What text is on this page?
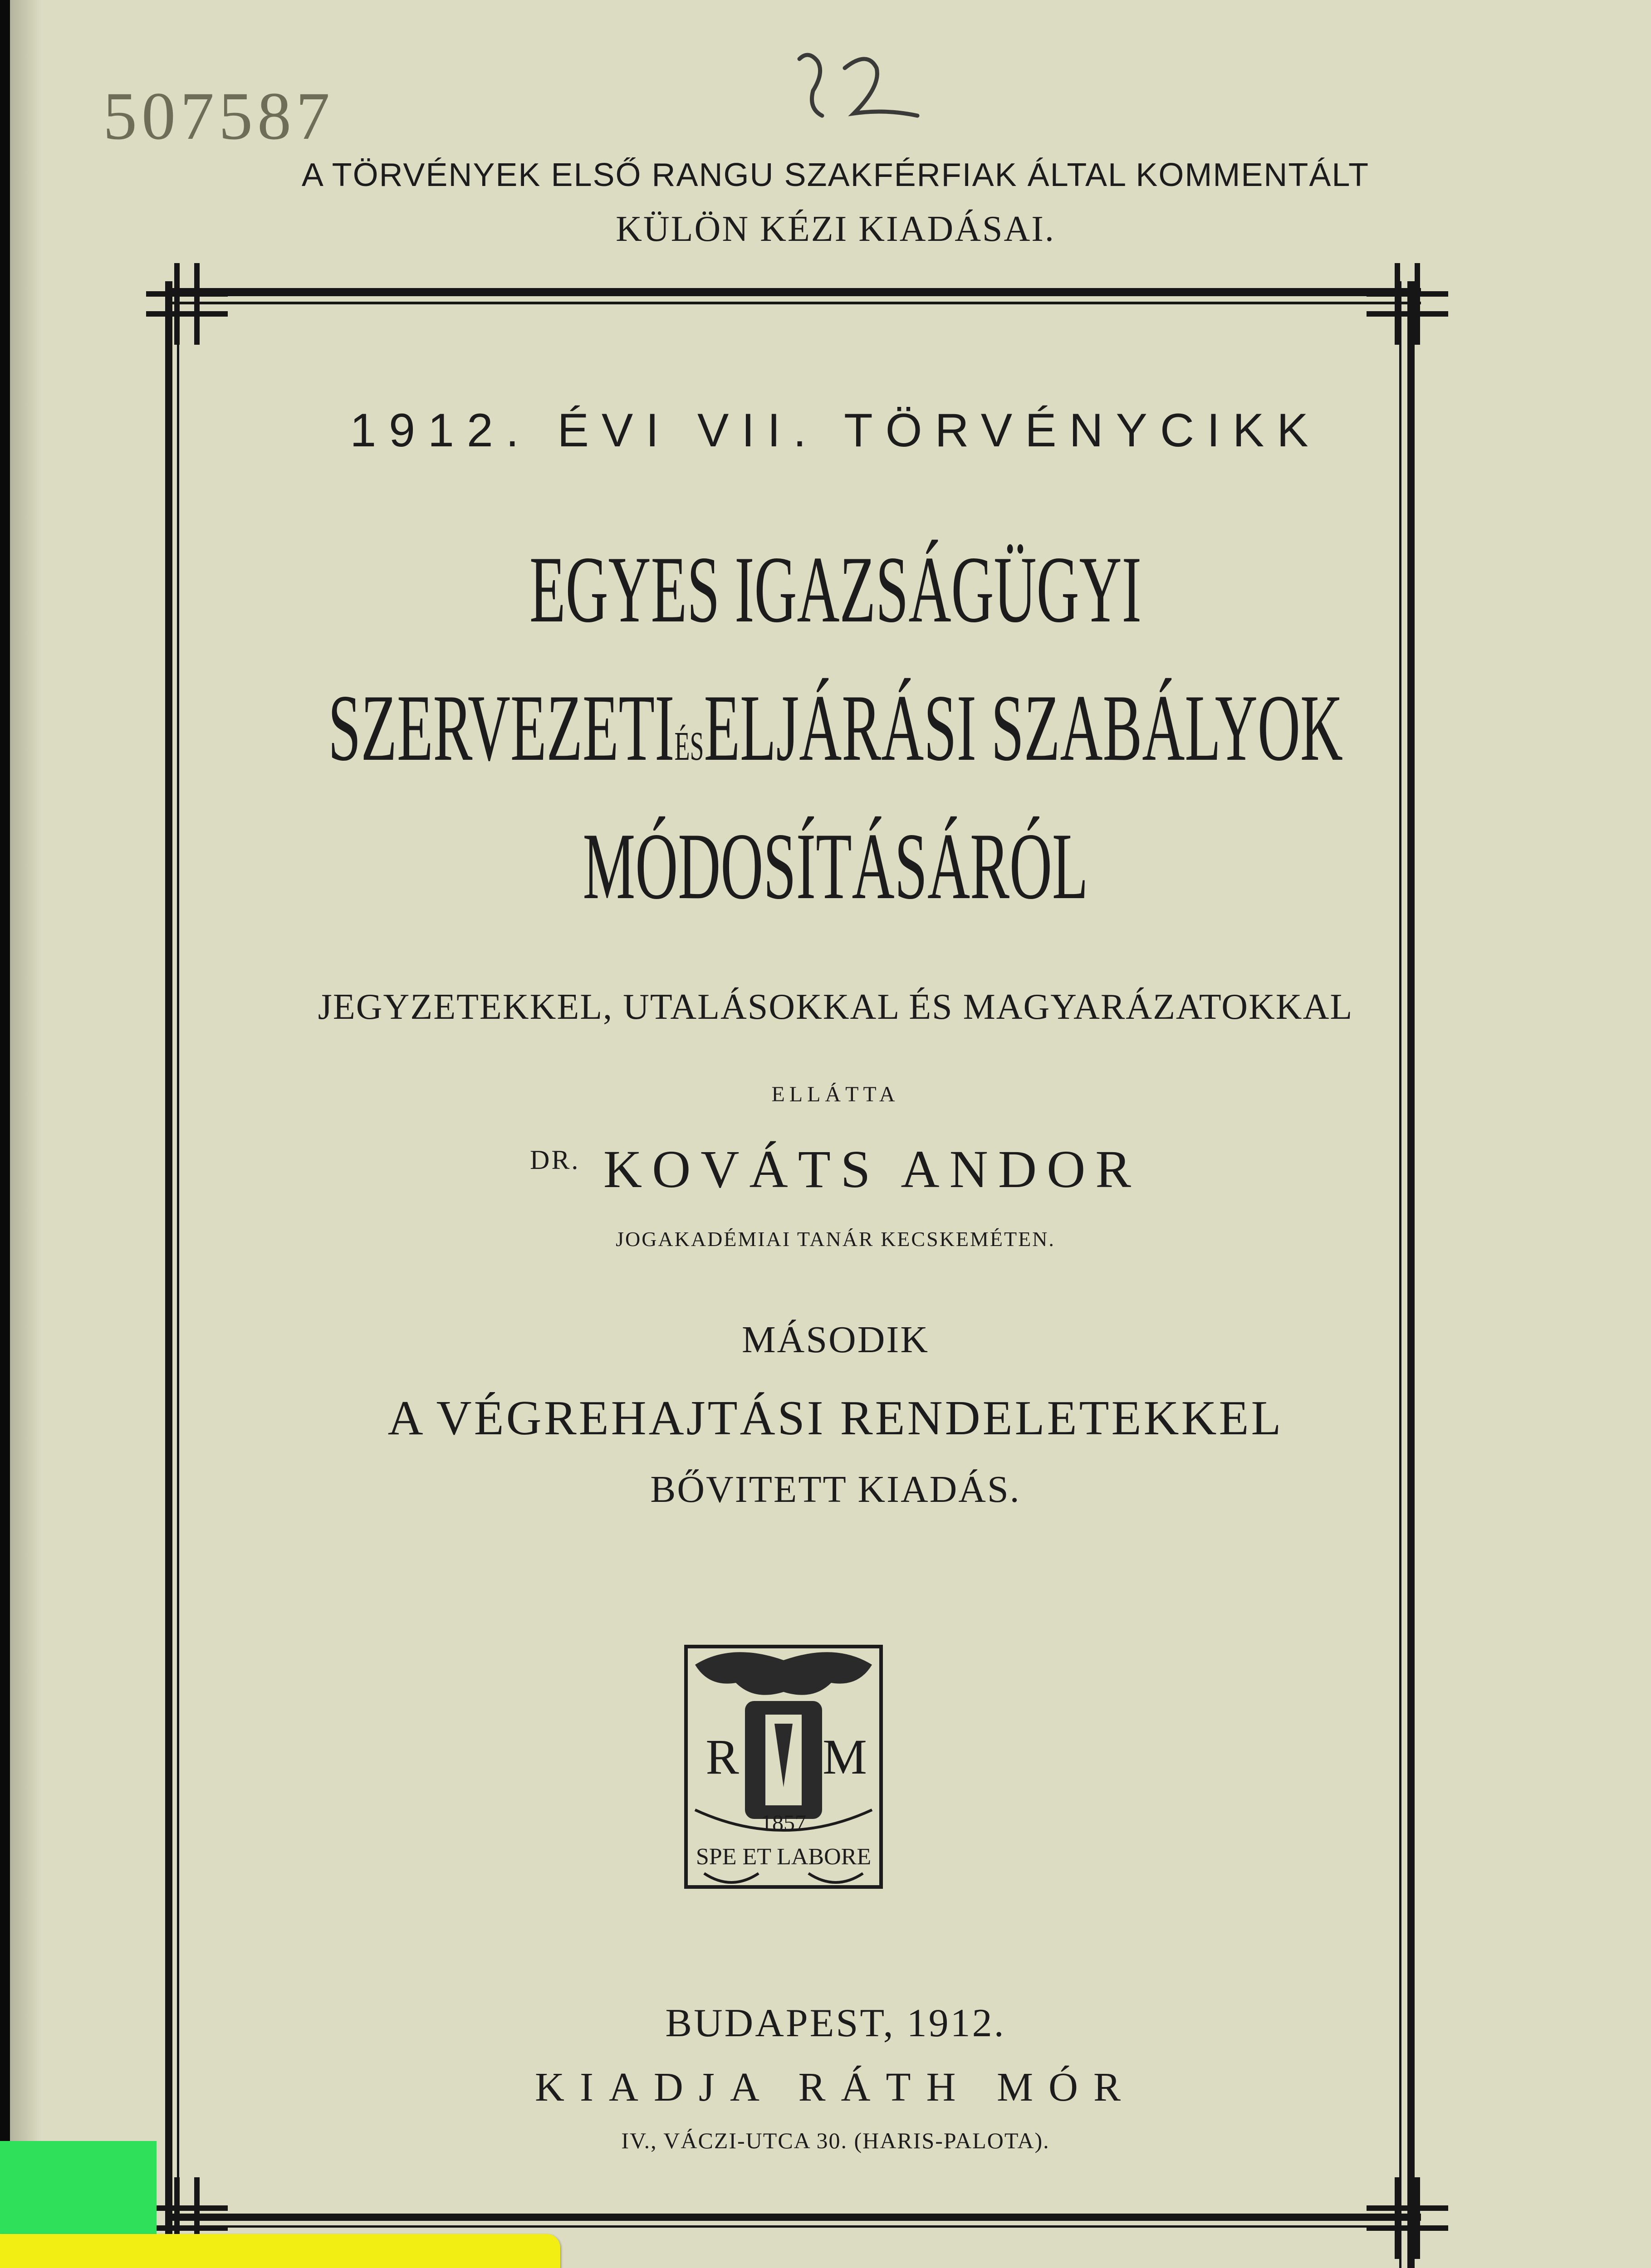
507587
A TÖRVÉNYEK ELSŐ RANGU SZAKFÉRFIAK ÁLTAL KOMMENTÁLT
KÜLÖN KÉZI KIADÁSAI.
1912. ÉVI VII. TÖRVÉNYCIKK
EGYES IGAZSÁGÜGYI
SZERVEZETIÉSELJÁRÁSI SZABÁLYOK
MÓDOSÍTÁSÁRÓL
JEGYZETEKKEL, UTALÁSOKKAL ÉS MAGYARÁZATOKKAL
ELLÁTTA
$^{DR.}$ KOVÁTS ANDOR
JOGAKADÉMIAI TANÁR KECSKEMÉTEN.
MÁSODIK
A VÉGREHAJTÁSI RENDELETEKKEL
BŐVITETT KIADÁS.
R M
1857
SPE ET LABORE
BUDAPEST, 1912.
KIADJA RÁTH MÓR
IV., VÁCZI-UTCA 30. (HARIS-PALOTA).
